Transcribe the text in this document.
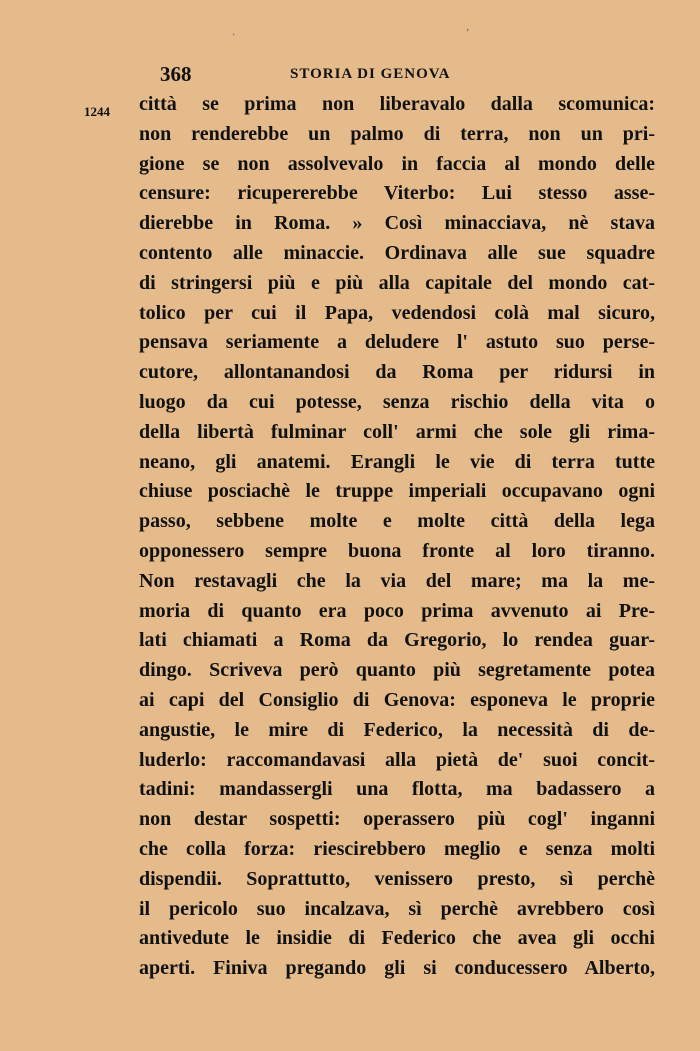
·	ʼ
368	STORIA DI GENOVA
1244 città se prima non liberavalo dalla scomunica:
non renderebbe un palmo di terra, non un pri-
gione se non assolvevalo in faccia al mondo delle
censure: ricupererebbe Viterbo: Lui stesso asse-
dierebbe in Roma. » Così minacciava, nè stava
contento alle minaccie. Ordinava alle sue squadre
di stringersi più e più alla capitale del mondo cat-
tolico per cui il Papa, vedendosi colà mal sicuro,
pensava seriamente a deludere l' astuto suo perse-
cutore, allontanandosi da Roma per ridursi in
luogo da cui potesse, senza rischio della vita o
della libertà fulminar coll' armi che sole gli rima-
neano, gli anatemi. Erangli le vie di terra tutte
chiuse posciachè le truppe imperiali occupavano ogni
passo, sebbene molte e molte città della lega
opponessero sempre buona fronte al loro tiranno.
Non restavagli che la via del mare; ma la me-
moria di quanto era poco prima avvenuto ai Pre-
lati chiamati a Roma da Gregorio, lo rendea guar-
dingo. Scriveva però quanto più segretamente potea
ai capi del Consiglio di Genova: esponeva le proprie
angustie, le mire di Federico, la necessità di de-
luderlo: raccomandavasi alla pietà de' suoi concit-
tadini: mandassergli una flotta, ma badassero a
non destar sospetti: operassero più cogl' inganni
che colla forza: riescirebbero meglio e senza molti
dispendii. Soprattutto, venissero presto, sì perchè
il pericolo suo incalzava, sì perchè avrebbero così
antivedute le insidie di Federico che avea gli occhi
aperti. Finiva pregando gli si conducessero Alberto,
